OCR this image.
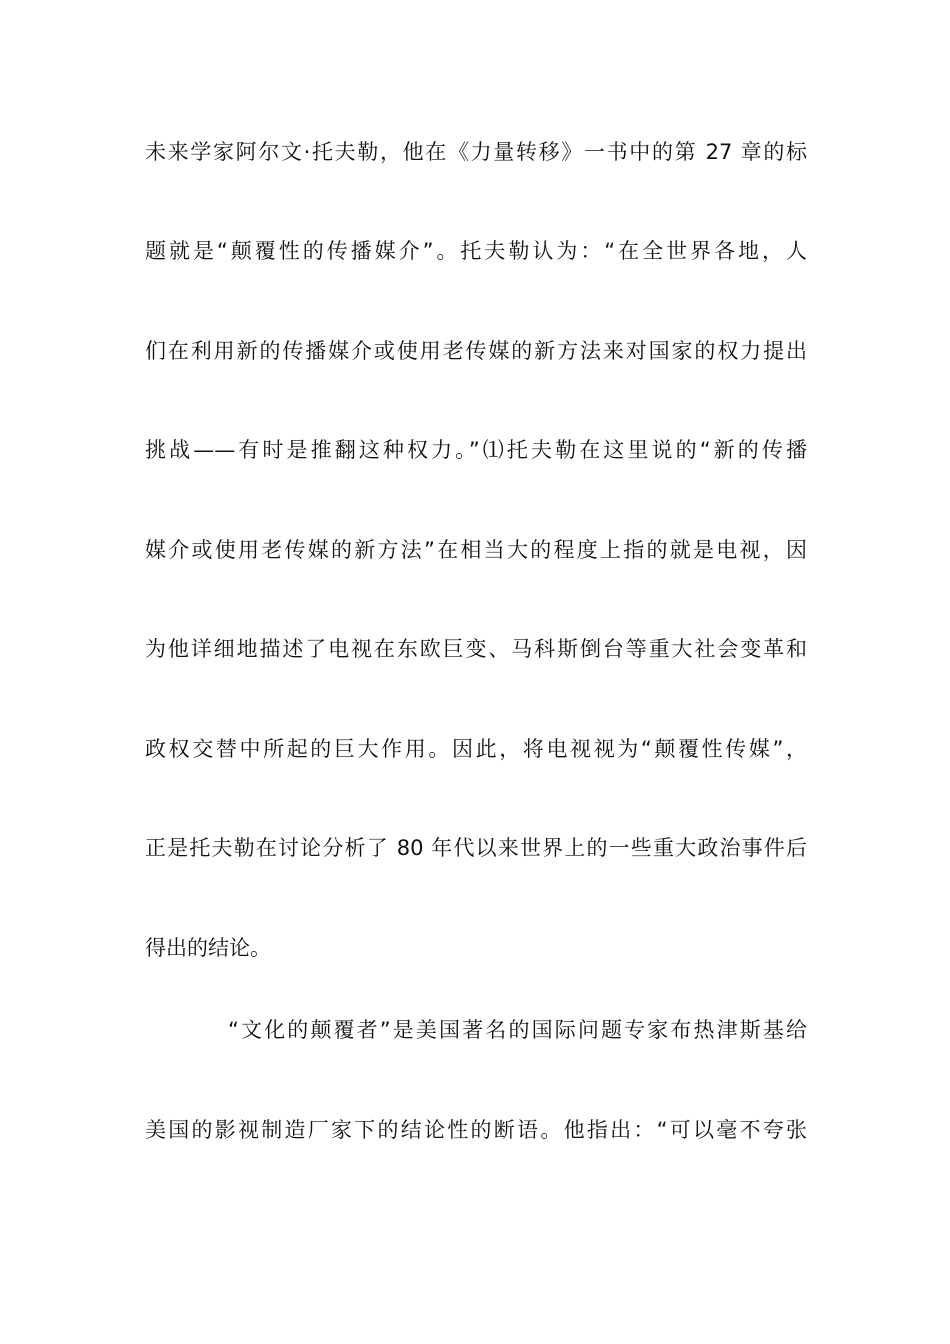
未来学家阿尔文·托夫勒，他在《力量转移》一书中的第 27 章的标
题就是“颠覆性的传播媒介”。托夫勒认为：“在全世界各地，人
们在利用新的传播媒介或使用老传媒的新方法来对国家的权力提出
挑战——有时是推翻这种权力。”⑴托夫勒在这里说的“新的传播
媒介或使用老传媒的新方法”在相当大的程度上指的就是电视，因
为他详细地描述了电视在东欧巨变、马科斯倒台等重大社会变革和
政权交替中所起的巨大作用。因此，将电视视为“颠覆性传媒”，
正是托夫勒在讨论分析了 80 年代以来世界上的一些重大政治事件后
得出的结论。
“文化的颠覆者”是美国著名的国际问题专家布热津斯基给
美国的影视制造厂家下的结论性的断语。他指出：“可以毫不夸张
